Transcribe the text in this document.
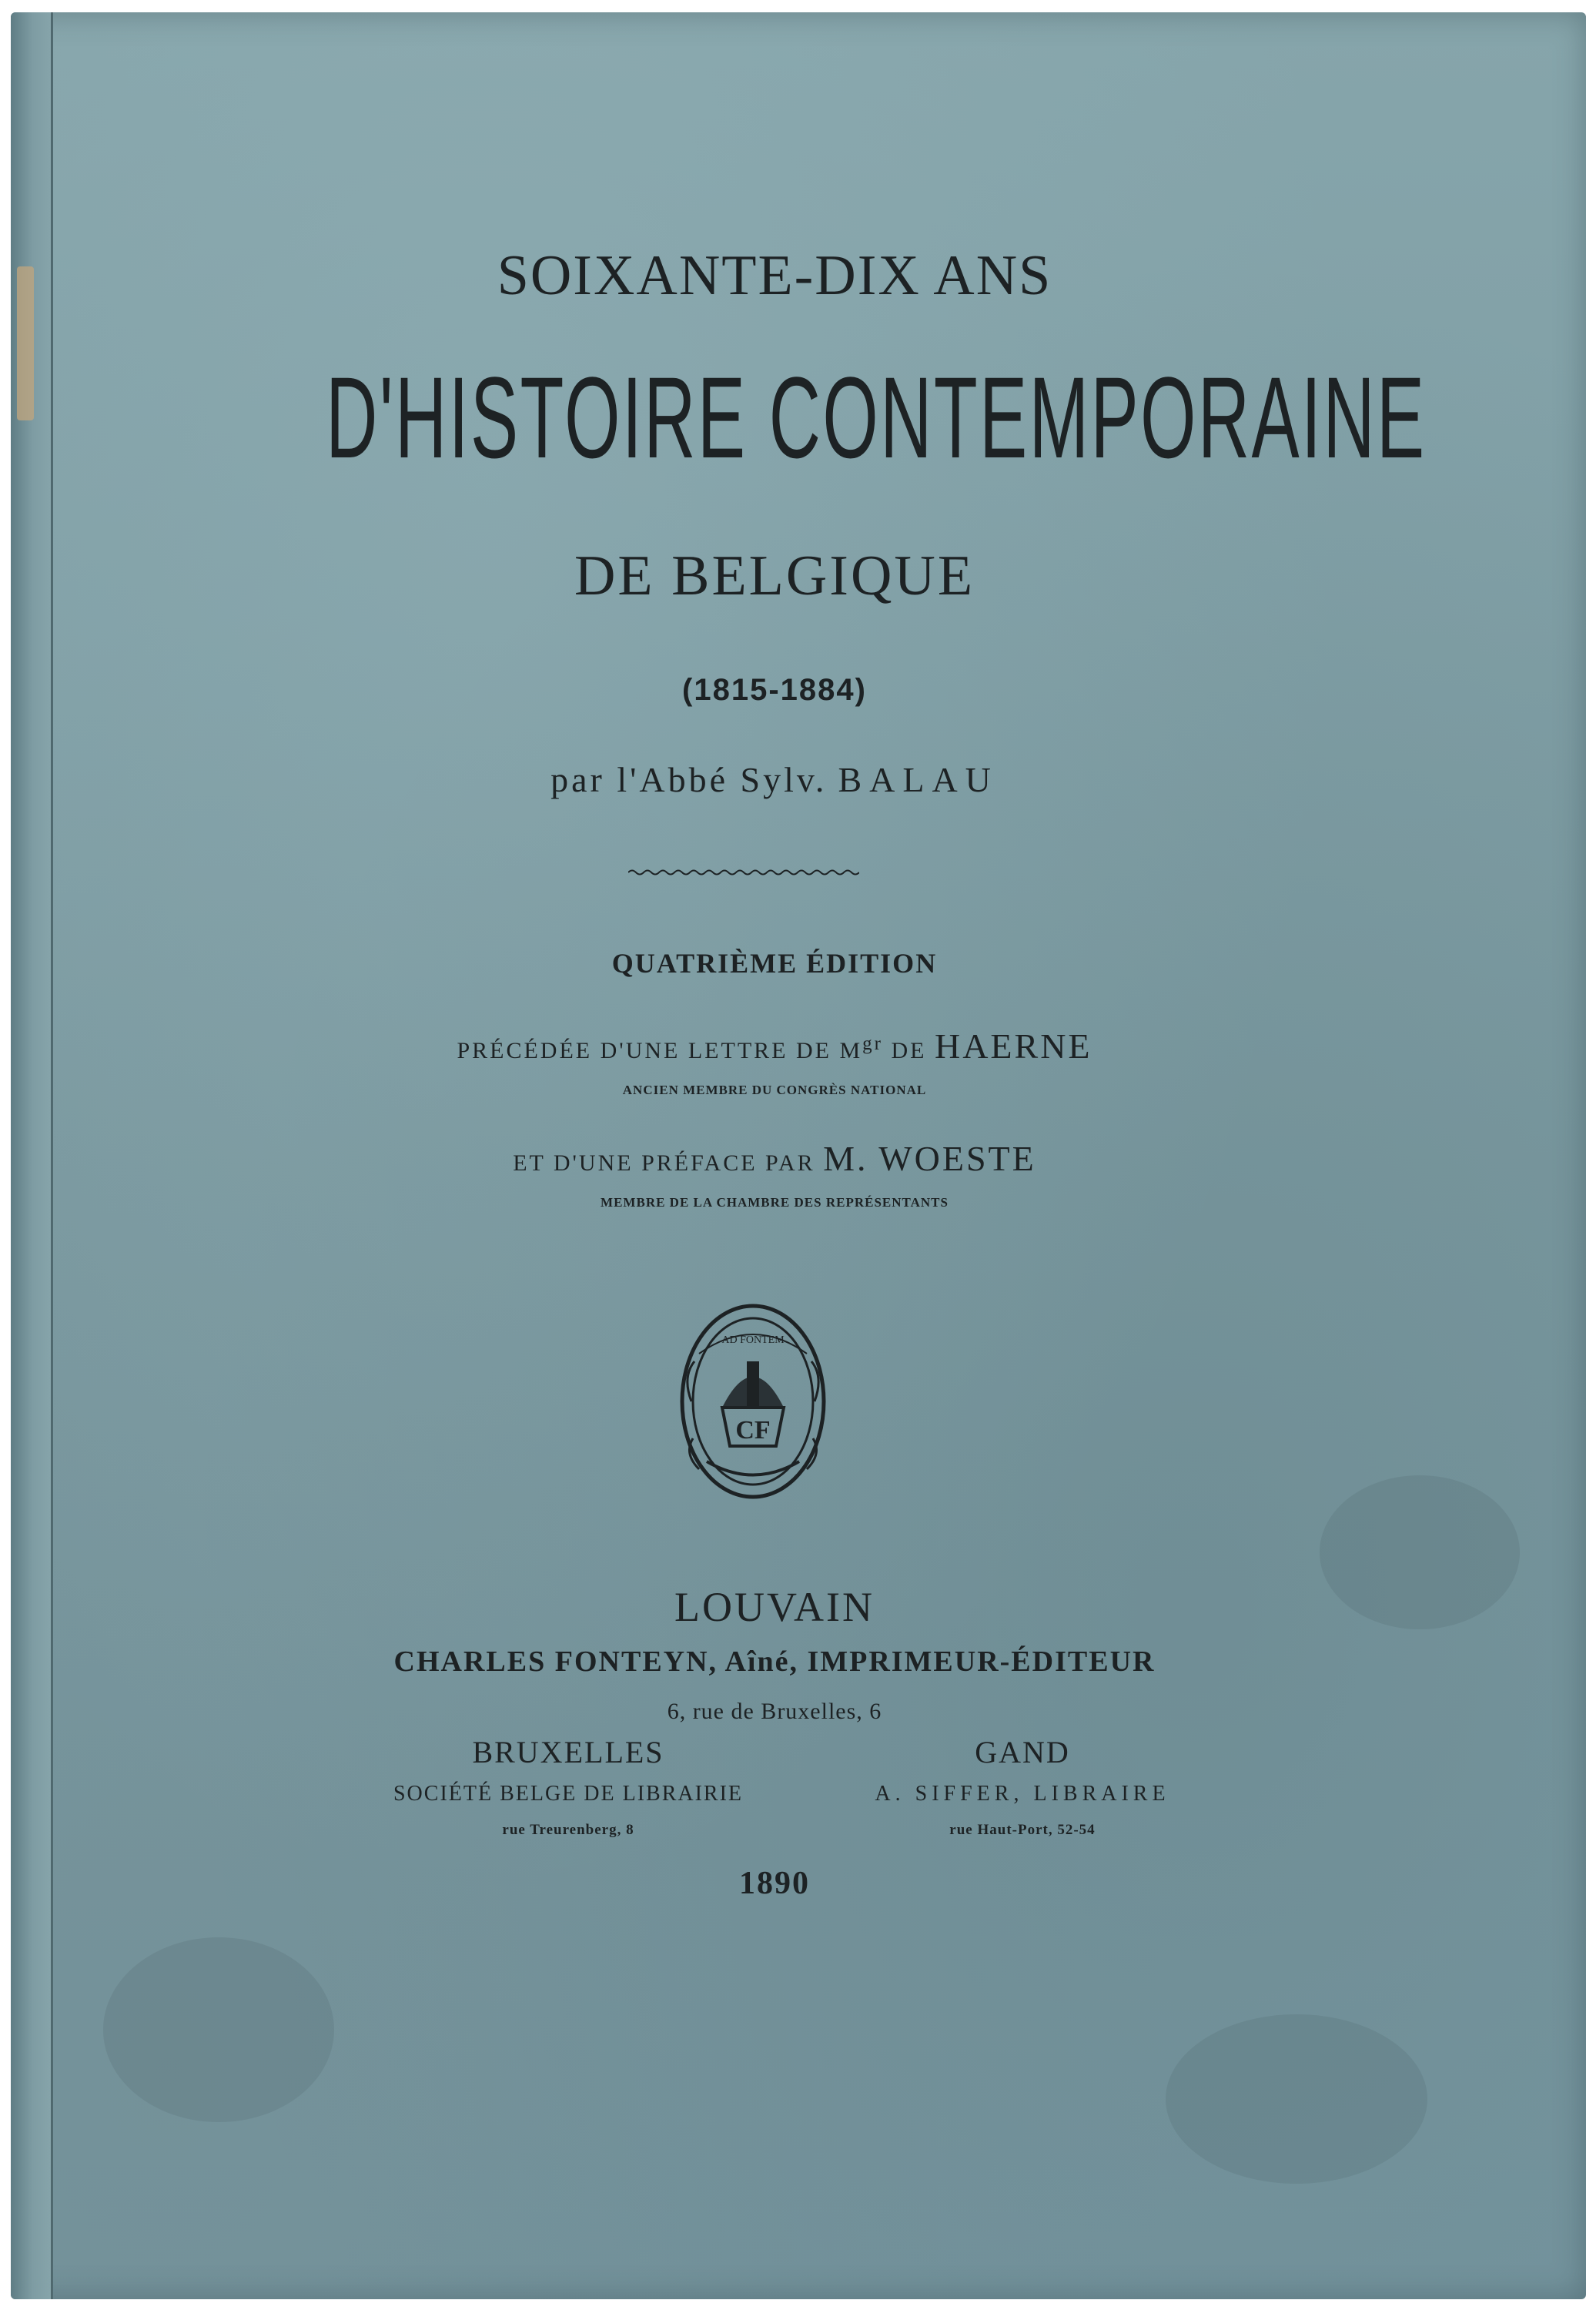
SOIXANTE-DIX ANS
D'HISTOIRE CONTEMPORAINE
DE BELGIQUE
(1815-1884)
par l'Abbé Sylv. BALAU
QUATRIÈME ÉDITION
PRÉCÉDÉE D'UNE LETTRE DE $M^{gr}$ DE HAERNE
ANCIEN MEMBRE DU CONGRÈS NATIONAL
ET D'UNE PRÉFACE PAR M. WOESTE
MEMBRE DE LA CHAMBRE DES REPRÉSENTANTS
AD FONTEM
CF
LOUVAIN
CHARLES FONTEYN, Aîné, IMPRIMEUR-ÉDITEUR
6, rue de Bruxelles, 6
BRUXELLES	GAND
SOCIÉTÉ BELGE DE LIBRAIRIE	A. SIFFER, LIBRAIRE
rue Treurenberg, 8	rue Haut-Port, 52-54
1890
